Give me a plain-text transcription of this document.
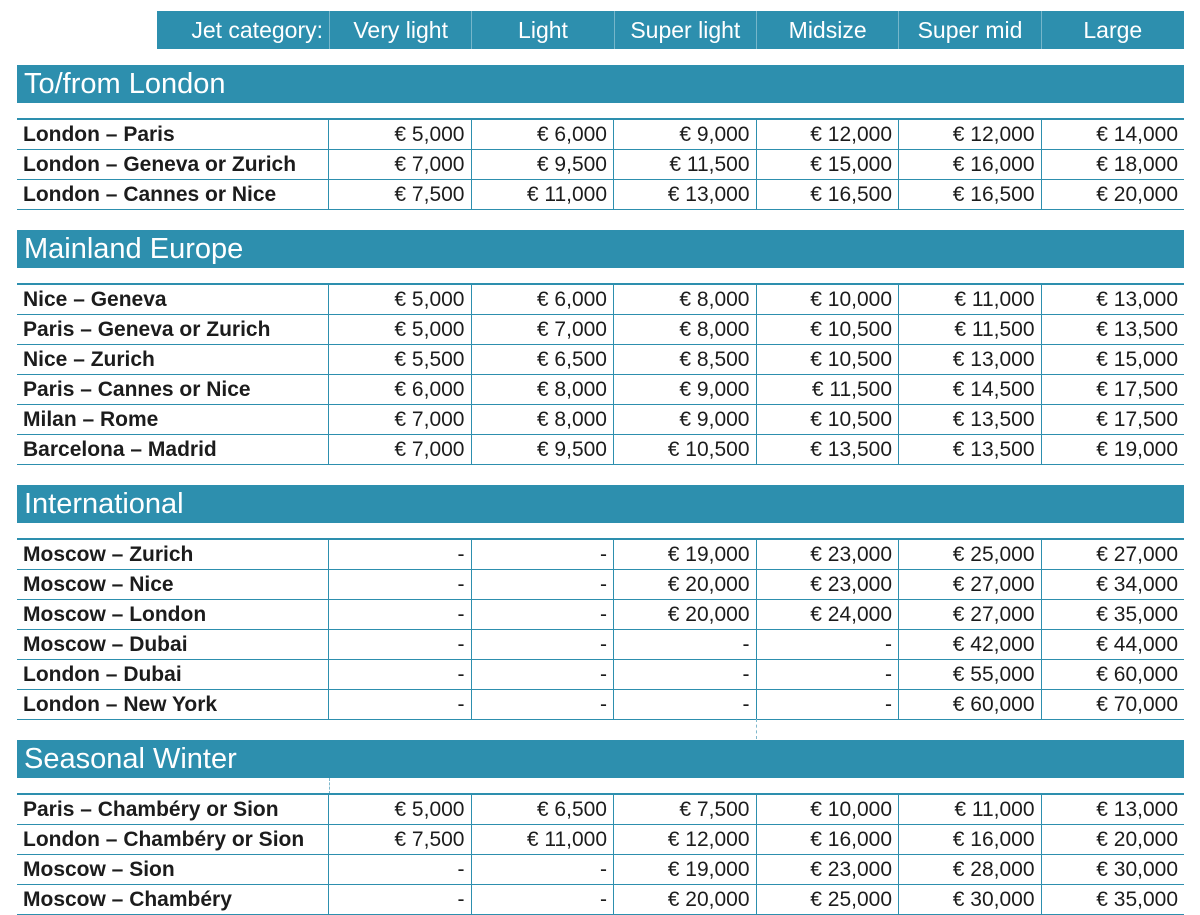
Jet category:	Very light	Light	Super light	Midsize	Super mid	Large
To/from London
London – Paris	€ 5,000	€ 6,000	€ 9,000	€ 12,000	€ 12,000	€ 14,000
London – Geneva or Zurich	€ 7,000	€ 9,500	€ 11,500	€ 15,000	€ 16,000	€ 18,000
London – Cannes or Nice	€ 7,500	€ 11,000	€ 13,000	€ 16,500	€ 16,500	€ 20,000
Mainland Europe
Nice – Geneva	€ 5,000	€ 6,000	€ 8,000	€ 10,000	€ 11,000	€ 13,000
Paris – Geneva or Zurich	€ 5,000	€ 7,000	€ 8,000	€ 10,500	€ 11,500	€ 13,500
Nice – Zurich	€ 5,500	€ 6,500	€ 8,500	€ 10,500	€ 13,000	€ 15,000
Paris – Cannes or Nice	€ 6,000	€ 8,000	€ 9,000	€ 11,500	€ 14,500	€ 17,500
Milan – Rome	€ 7,000	€ 8,000	€ 9,000	€ 10,500	€ 13,500	€ 17,500
Barcelona – Madrid	€ 7,000	€ 9,500	€ 10,500	€ 13,500	€ 13,500	€ 19,000
International
Moscow – Zurich	-	-	€ 19,000	€ 23,000	€ 25,000	€ 27,000
Moscow – Nice	-	-	€ 20,000	€ 23,000	€ 27,000	€ 34,000
Moscow – London	-	-	€ 20,000	€ 24,000	€ 27,000	€ 35,000
Moscow – Dubai	-	-	-	-	€ 42,000	€ 44,000
London – Dubai	-	-	-	-	€ 55,000	€ 60,000
London – New York	-	-	-	-	€ 60,000	€ 70,000
Seasonal Winter
Paris – Chambéry or Sion	€ 5,000	€ 6,500	€ 7,500	€ 10,000	€ 11,000	€ 13,000
London – Chambéry or Sion	€ 7,500	€ 11,000	€ 12,000	€ 16,000	€ 16,000	€ 20,000
Moscow – Sion	-	-	€ 19,000	€ 23,000	€ 28,000	€ 30,000
Moscow – Chambéry	-	-	€ 20,000	€ 25,000	€ 30,000	€ 35,000
